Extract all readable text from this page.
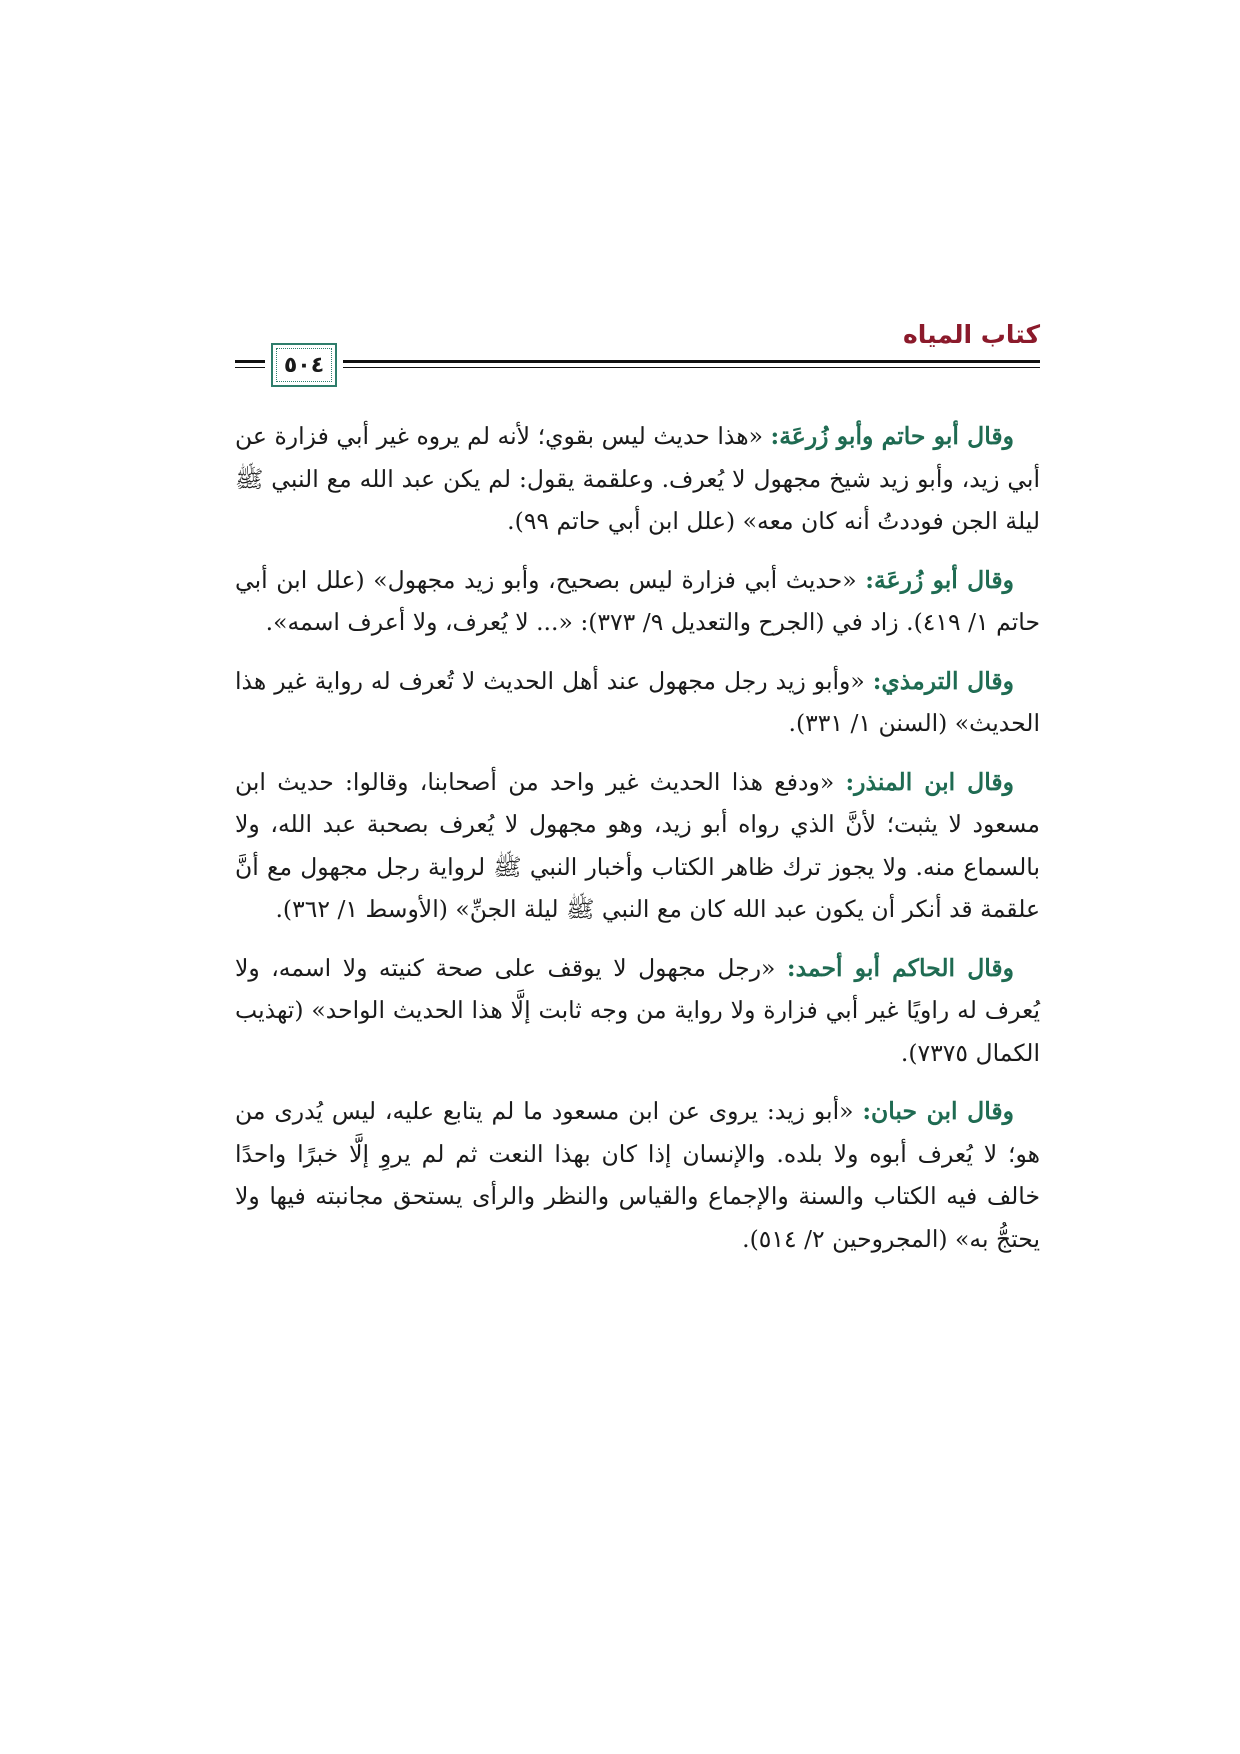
كتاب المياه
٥٠٤

وقال أبو حاتم وأبو زُرعَة: «هذا حديث ليس بقوي؛ لأنه لم يروه غير أبي فزارة عن أبي زيد، وأبو زيد شيخ مجهول لا يُعرف. وعلقمة يقول: لم يكن عبد الله مع النبي ﷺ ليلة الجن فوددتُ أنه كان معه» (علل ابن أبي حاتم ٩٩).

وقال أبو زُرعَة: «حديث أبي فزارة ليس بصحيح، وأبو زيد مجهول» (علل ابن أبي حاتم ١/ ٤١٩). زاد في (الجرح والتعديل ٩/ ٣٧٣): «... لا يُعرف، ولا أعرف اسمه».

وقال الترمذي: «وأبو زيد رجل مجهول عند أهل الحديث لا تُعرف له رواية غير هذا الحديث» (السنن ١/ ٣٣١).

وقال ابن المنذر: «ودفع هذا الحديث غير واحد من أصحابنا، وقالوا: حديث ابن مسعود لا يثبت؛ لأنَّ الذي رواه أبو زيد، وهو مجهول لا يُعرف بصحبة عبد الله، ولا بالسماع منه. ولا يجوز ترك ظاهر الكتاب وأخبار النبي ﷺ لرواية رجل مجهول مع أنَّ علقمة قد أنكر أن يكون عبد الله كان مع النبي ﷺ ليلة الجنِّ» (الأوسط ١/ ٣٦٢).

وقال الحاكم أبو أحمد: «رجل مجهول لا يوقف على صحة كنيته ولا اسمه، ولا يُعرف له راويًا غير أبي فزارة ولا رواية من وجه ثابت إلَّا هذا الحديث الواحد» (تهذيب الكمال ٧٣٧٥).

وقال ابن حبان: «أبو زيد: يروى عن ابن مسعود ما لم يتابع عليه، ليس يُدرى من هو؛ لا يُعرف أبوه ولا بلده. والإنسان إذا كان بهذا النعت ثم لم يروِ إلَّا خبرًا واحدًا خالف فيه الكتاب والسنة والإجماع والقياس والنظر والرأى يستحق مجانبته فيها ولا يحتجُّ به» (المجروحين ٢/ ٥١٤).
